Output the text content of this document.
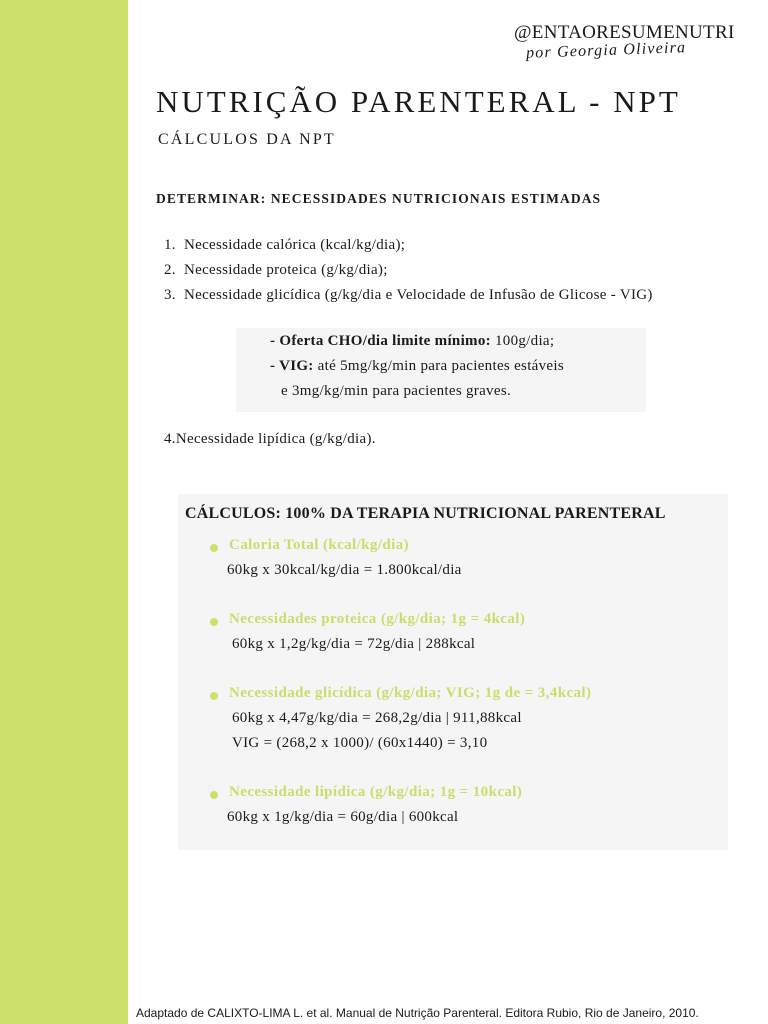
@ENTAORESUMENUTRI
por Georgia Oliveira
NUTRIÇÃO PARENTERAL - NPT
CÁLCULOS DA NPT
DETERMINAR: NECESSIDADES NUTRICIONAIS ESTIMADAS
1. Necessidade calórica (kcal/kg/dia);
2. Necessidade proteica (g/kg/dia);
3. Necessidade glicídica (g/kg/dia e Velocidade de Infusão de Glicose - VIG)
- Oferta CHO/dia limite mínimo: 100g/dia;
- VIG: até 5mg/kg/min para pacientes estáveis
e 3mg/kg/min para pacientes graves.
4.Necessidade lipídica (g/kg/dia).
CÁLCULOS: 100% DA TERAPIA NUTRICIONAL PARENTERAL
Caloria Total (kcal/kg/dia)
60kg x 30kcal/kg/dia = 1.800kcal/dia
Necessidades proteica (g/kg/dia; 1g = 4kcal)
60kg x 1,2g/kg/dia = 72g/dia | 288kcal
Necessidade glicídica (g/kg/dia; VIG; 1g de = 3,4kcal)
60kg x 4,47g/kg/dia = 268,2g/dia | 911,88kcal
VIG = (268,2 x 1000)/ (60x1440) = 3,10
Necessidade lipídica (g/kg/dia; 1g = 10kcal)
60kg x 1g/kg/dia = 60g/dia | 600kcal
Adaptado de CALIXTO-LIMA L. et al. Manual de Nutrição Parenteral. Editora Rubio, Rio de Janeiro, 2010.
